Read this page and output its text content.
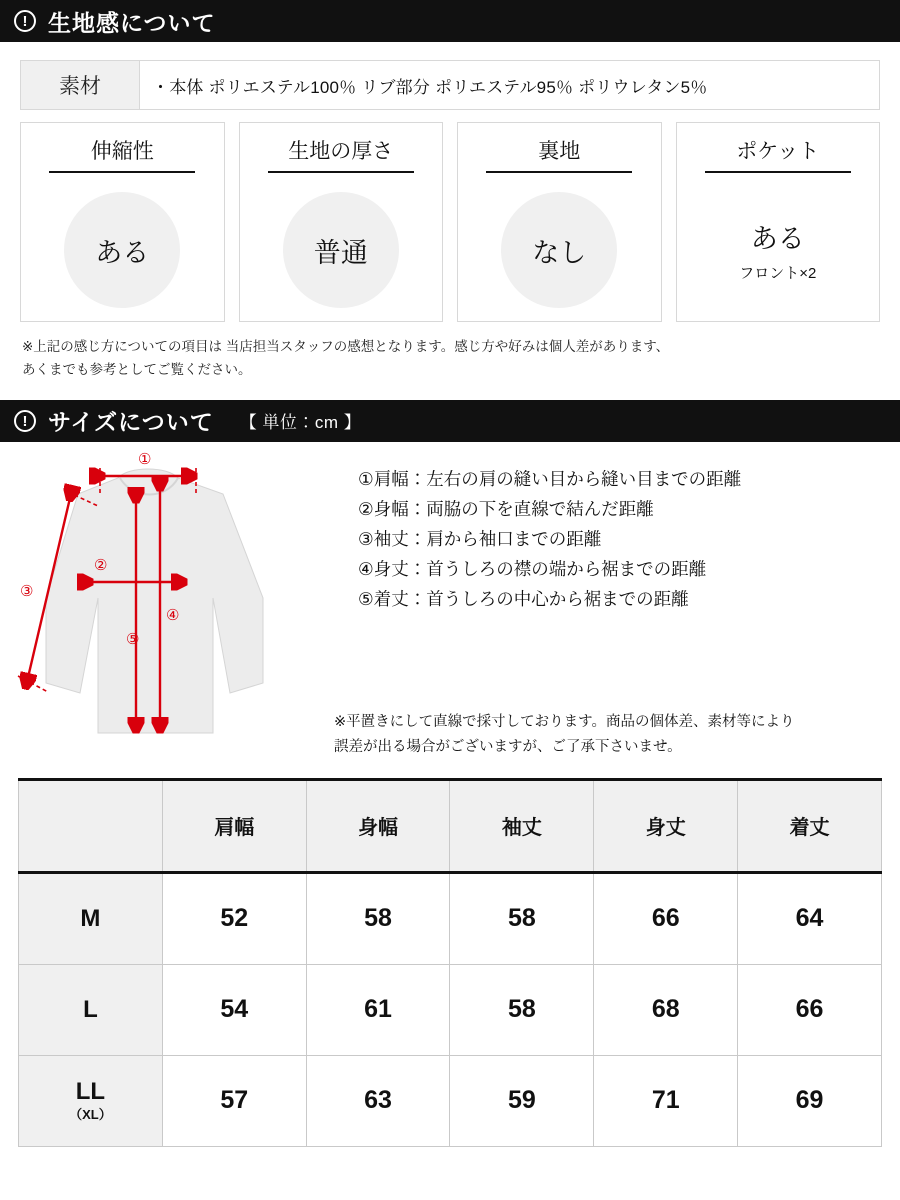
! 生地感について
素材	・本体 ポリエステル100％ リブ部分 ポリエステル95％ ポリウレタン5％
伸縮性
ある
生地の厚さ
普通
裏地
なし
ポケット
ある
フロント×2
※上記の感じ方についての項目は 当店担当スタッフの感想となります。感じ方や好みは個人差があります、
あくまでも参考としてご覧ください。
! サイズについて 【 単位：cm 】
①
②
③
④
⑤
①肩幅：左右の肩の縫い目から縫い目までの距離
②身幅：両脇の下を直線で結んだ距離
③袖丈：肩から袖口までの距離
④身丈：首うしろの襟の端から裾までの距離
⑤着丈：首うしろの中心から裾までの距離
※平置きにして直線で採寸しております。商品の個体差、素材等により
誤差が出る場合がございますが、ご了承下さいませ。
	肩幅	身幅	袖丈	身丈	着丈
M	52	58	58	66	64
L	54	61	58	68	66
LL
（XL）	57	63	59	71	69
